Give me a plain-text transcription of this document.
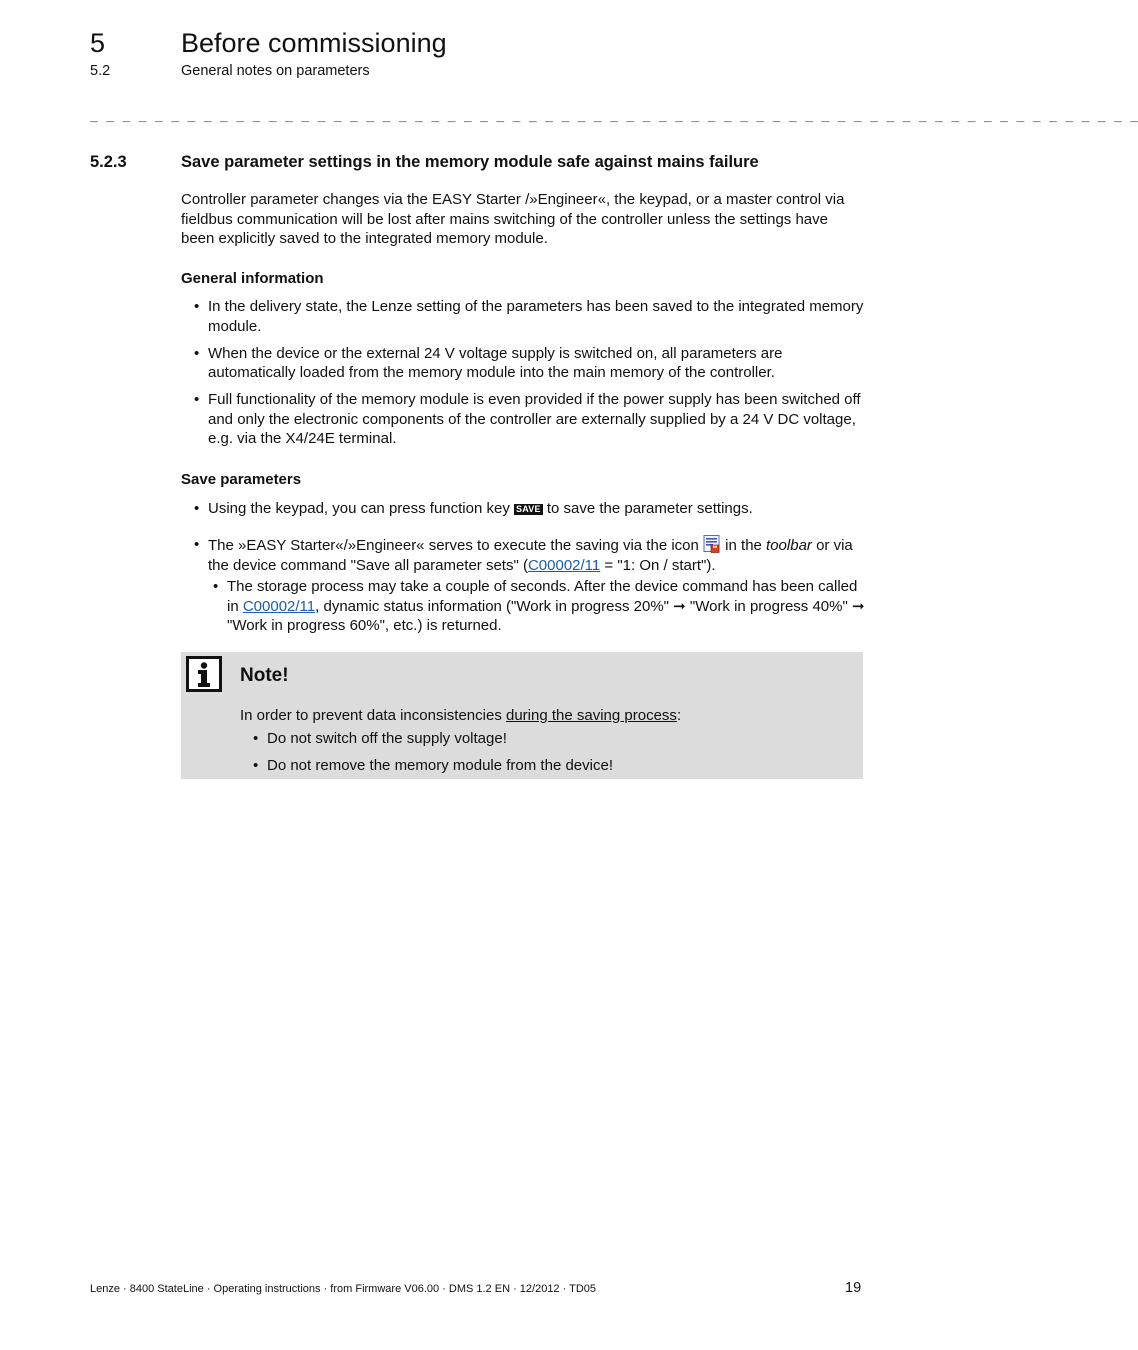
5	Before commissioning
5.2	General notes on parameters
_ _ _ _ _ _ _ _ _ _ _ _ _ _ _ _ _ _ _ _ _ _ _ _ _ _ _ _ _ _ _ _ _ _ _ _ _ _ _ _ _ _ _ _ _ _ _ _ _ _ _ _ _ _ _ _ _ _ _ _ _ _ _ _ _
5.2.3	Save parameter settings in the memory module safe against mains failure
Controller parameter changes via the EASY Starter /»Engineer«, the keypad, or a master control via fieldbus communication will be lost after mains switching of the controller unless the settings have been explicitly saved to the integrated memory module.
General information
• In the delivery state, the Lenze setting of the parameters has been saved to the integrated memory module.
• When the device or the external 24 V voltage supply is switched on, all parameters are automatically loaded from the memory module into the main memory of the controller.
• Full functionality of the memory module is even provided if the power supply has been switched off and only the electronic components of the controller are externally supplied by a 24 V DC voltage, e.g. via the X4/24E terminal.
Save parameters
• Using the keypad, you can press function key SAVE to save the parameter settings.
• The »EASY Starter«/»Engineer« serves to execute the saving via the icon  in the toolbar or via the device command "Save all parameter sets" (C00002/11 = "1: On / start").
• The storage process may take a couple of seconds. After the device command has been called in C00002/11, dynamic status information ("Work in progress 20%" ➞ "Work in progress 40%" ➞ "Work in progress 60%", etc.) is returned.
Note!
In order to prevent data inconsistencies during the saving process:
• Do not switch off the supply voltage!
• Do not remove the memory module from the device!
Lenze · 8400 StateLine · Operating instructions · from Firmware V06.00 · DMS 1.2 EN · 12/2012 · TD05	19
